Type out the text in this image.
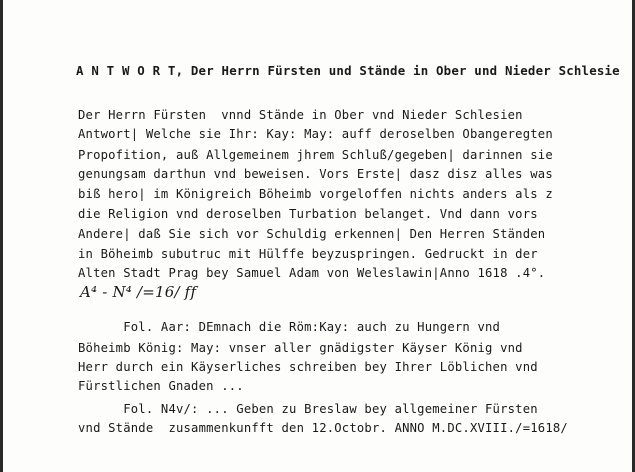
A N T W O R T, Der Herrn Fürsten und Stände in Ober und Nieder Schlesie
Der Herrn Fürsten  vnnd Stände in Ober vnd Nieder Schlesien
Antwort| Welche sie Ihr: Kay: May: auff deroselben Obangeregten
Propofition, auß Allgemeinem jhrem Schluß/gegeben| darinnen sie
genungsam darthun vnd beweisen. Vors Erste| dasz disz alles was
biß hero| im Königreich Böheimb vorgeloffen nichts anders als z
die Religion vnd deroselben Turbation belanget. Vnd dann vors
Andere| daß Sie sich vor Schuldig erkennen| Den Herren Ständen
in Böheimb subutruc mit Hülffe beyzuspringen. Gedruckt in der
Alten Stadt Prag bey Samuel Adam von Weleslawin|Anno 1618 .4°.
A⁴ - N⁴ /=16/ ff
Fol. Aar: DEmnach die Röm:Kay: auch zu Hungern vnd
Böheimb König: May: vnser aller gnädigster Käyser König vnd
Herr durch ein Käyserliches schreiben bey Ihrer Löblichen vnd
Fürstlichen Gnaden ...
Fol. N4v/: ... Geben zu Breslaw bey allgemeiner Fürsten
vnd Stände  zusammenkunfft den 12.Octobr. ANNO M.DC.XVIII./=1618/
